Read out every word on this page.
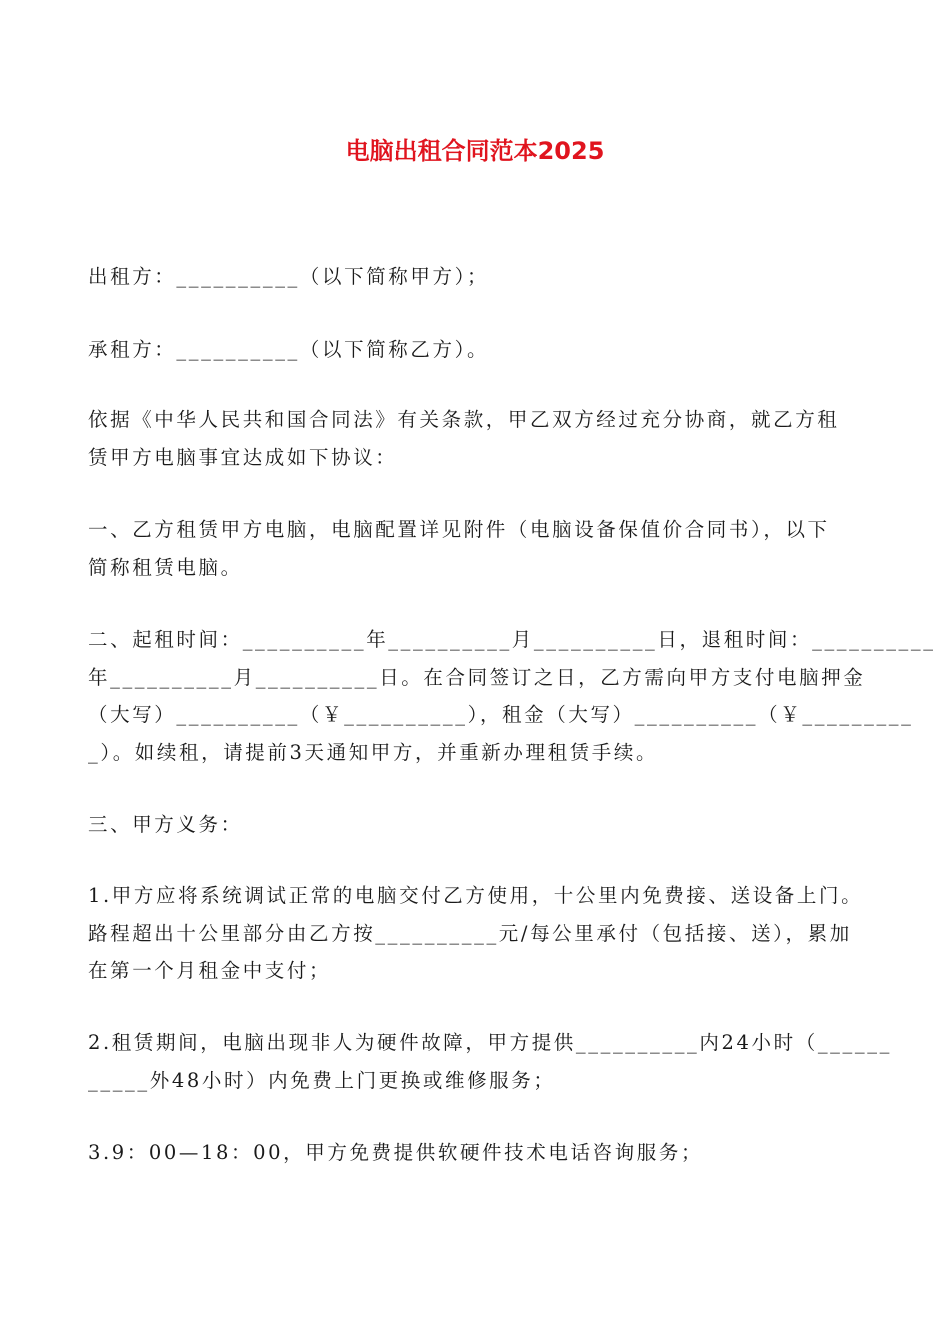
电脑出租合同范本2025
出租方：__________（以下简称甲方）；
承租方：__________（以下简称乙方）。
依据《中华人民共和国合同法》有关条款，甲乙双方经过充分协商，就乙方租
赁甲方电脑事宜达成如下协议：
一、乙方租赁甲方电脑，电脑配置详见附件（电脑设备保值价合同书），以下
简称租赁电脑。
二、起租时间：__________年__________月__________日，退租时间：__________
年__________月__________日。在合同签订之日，乙方需向甲方支付电脑押金
（大写）__________（￥__________），租金（大写）__________（￥_________
_）。如续租，请提前3天通知甲方，并重新办理租赁手续。
三、甲方义务：
1.甲方应将系统调试正常的电脑交付乙方使用，十公里内免费接、送设备上门。
路程超出十公里部分由乙方按__________元/每公里承付（包括接、送），累加
在第一个月租金中支付；
2.租赁期间，电脑出现非人为硬件故障，甲方提供__________内24小时（______
_____外48小时）内免费上门更换或维修服务；
3.9：00—18：00，甲方免费提供软硬件技术电话咨询服务；
